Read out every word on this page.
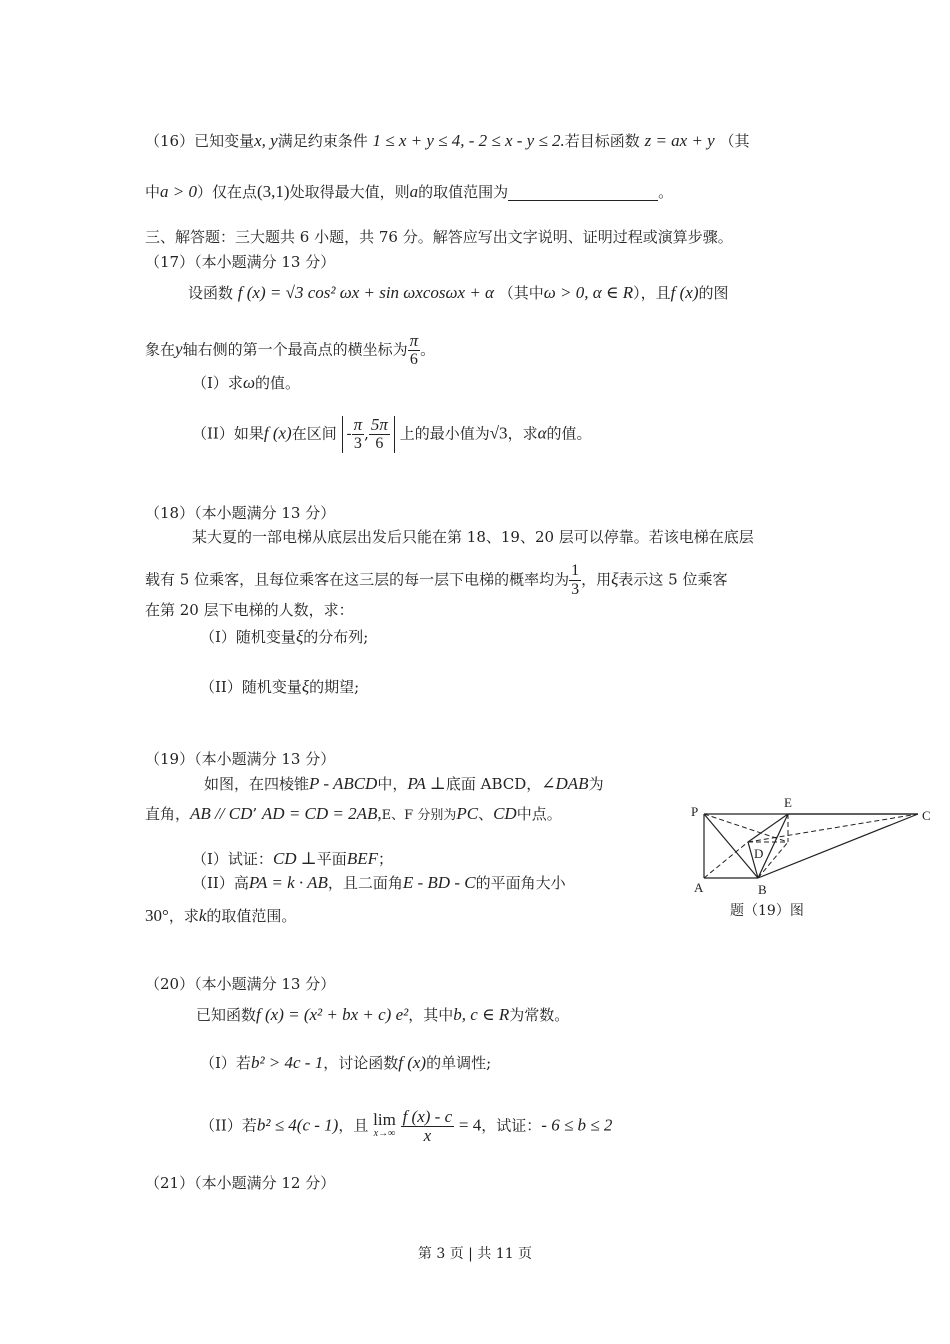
（16）已知变量x, y满足约束条件 1 ≤ x + y ≤ 4, - 2 ≤ x - y ≤ 2.若目标函数 z = ax + y （其
中a > 0）仅在点(3,1)处取得最大值，则a的取值范围为	。
三、解答题：三大题共 6 小题，共 76 分。解答应写出文字说明、证明过程或演算步骤。
（17）（本小题满分 13 分）
设函数 f (x) = √3 cos² ωx + sin ωxcosωx + α （其中ω > 0, α ∈ R），且f (x)的图
象在y轴右侧的第一个最高点的横坐标为 $\frac{\pi}{6}$ 。
（I）求ω的值。
（II）如果f (x)在区间 - $\frac{\pi}{3}$ , $\frac{5\pi}{6}$ 上的最小值为√3，求α的值。
（18）（本小题满分 13 分）
某大夏的一部电梯从底层出发后只能在第 18、19、20 层可以停靠。若该电梯在底层
载有 5 位乘客，且每位乘客在这三层的每一层下电梯的概率均为 $\frac{1}{3}$ ，用ξ表示这 5 位乘客
在第 20 层下电梯的人数，求：
（I）随机变量ξ的分布列;
（II）随机变量ξ的期望;
（19）（本小题满分 13 分）
如图，在四棱锥P - ABCD中，PA ⊥底面 ABCD，∠DAB为
直角，AB // CD’ AD = CD = 2AB,E、F 分别为PC、CD中点。
（I）试证：CD ⊥平面BEF；
（II）高PA = k · AB，且二面角E - BD - C的平面角大小
30°，求k的取值范围。
P
E
C
D
A	B
题（19）图
（20）（本小题满分 13 分）
已知函数f (x) = (x² + bx + c) e²，其中b, c ∈ R为常数。
（I）若b² > 4c - 1，讨论函数f (x)的单调性;
（II）若b² ≤ 4(c - 1)，且 lim
x→∞
$\frac{f (x) - c}{x} = 4$，试证：- 6 ≤ b ≤ 2
（21）（本小题满分 12 分）
第 3 页 | 共 11 页
